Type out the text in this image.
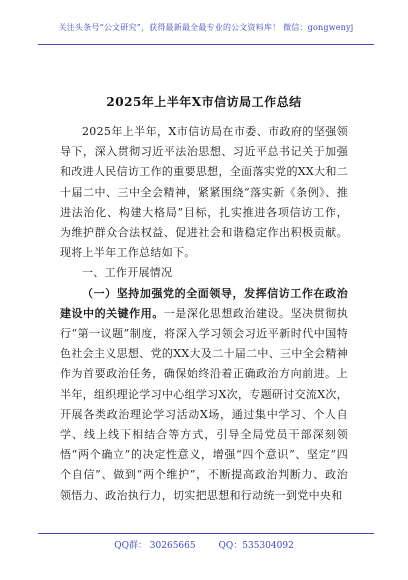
关注头条号“公文研究”，获得最新最全最专业的公文资料库！ 微信：gongwenyj
2025年上半年X市信访局工作总结

2025年上半年，X市信访局在市委、市政府的坚强领导下，深入贯彻习近平法治思想、习近平总书记关于加强和改进人民信访工作的重要思想，全面落实党的XX大和二十届二中、三中全会精神，紧紧围绕“落实新《条例》、推进法治化、构建大格局”目标，扎实推进各项信访工作，为维护群众合法权益、促进社会和谐稳定作出积极贡献。现将上半年工作总结如下。

一、工作开展情况

（一）坚持加强党的全面领导，发挥信访工作在政治建设中的关键作用。一是深化思想政治建设。坚决贯彻执行“第一议题”制度，将深入学习领会习近平新时代中国特色社会主义思想、党的XX大及二十届二中、三中全会精神作为首要政治任务，确保始终沿着正确政治方向前进。上半年，组织理论学习中心组学习X次，专题研讨交流X次，开展各类政治理论学习活动X场，通过集中学习、个人自学、线上线下相结合等方式，引导全局党员干部深刻领悟“两个确立”的决定性意义，增强“四个意识”、坚定“四个自信”、做到“两个维护”，不断提高政治判断力、政治领悟力、政治执行力，切实把思想和行动统一到党中央和

QQ群： 30265665	QQ：535304092
